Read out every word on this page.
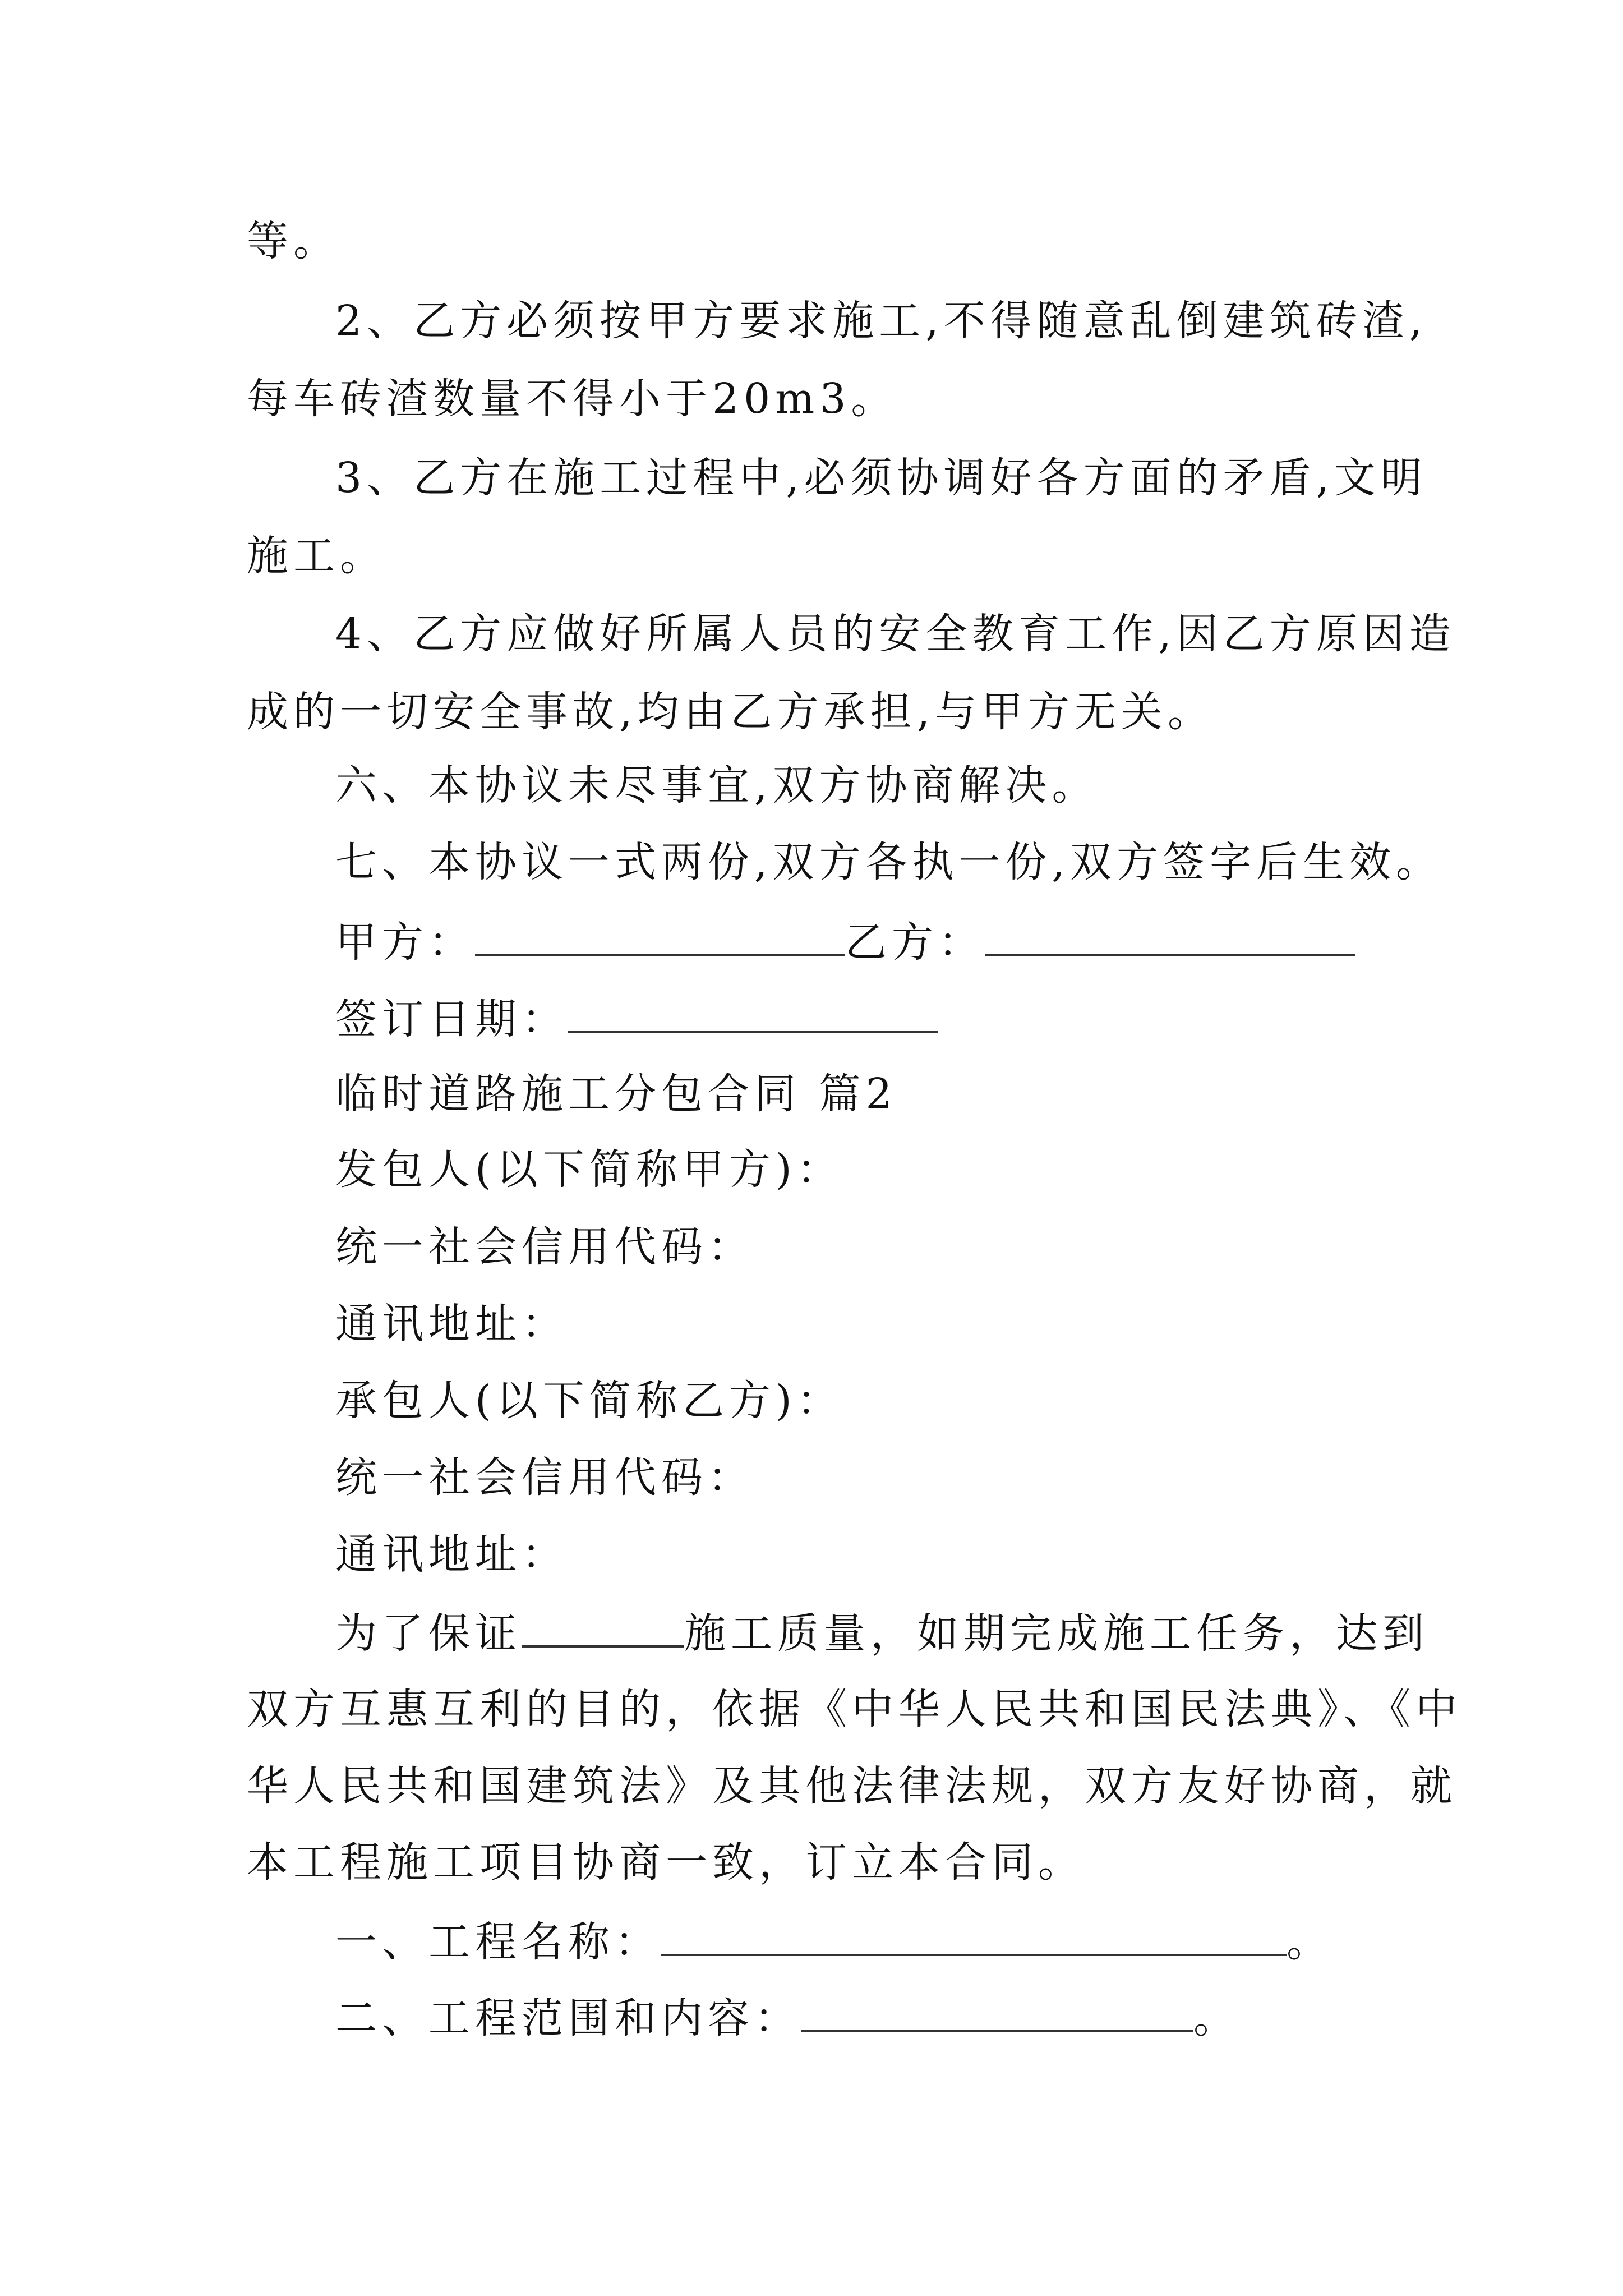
等。
2、乙方必须按甲方要求施工,不得随意乱倒建筑砖渣,
每车砖渣数量不得小于20m3。
3、乙方在施工过程中,必须协调好各方面的矛盾,文明
施工。
4、乙方应做好所属人员的安全教育工作,因乙方原因造
成的一切安全事故,均由乙方承担,与甲方无关。
六、本协议未尽事宜,双方协商解决。
七、本协议一式两份,双方各执一份,双方签字后生效。
甲方：	乙方：
签订日期：
临时道路施工分包合同 篇2
发包人(以下简称甲方)：
统一社会信用代码：
通讯地址：
承包人(以下简称乙方)：
统一社会信用代码：
通讯地址：
为了保证	施工质量，如期完成施工任务，达到
双方互惠互利的目的，依据《中华人民共和国民法典》、《中
华人民共和国建筑法》及其他法律法规，双方友好协商，就
本工程施工项目协商一致，订立本合同。
一、工程名称：	。
二、工程范围和内容：	。
